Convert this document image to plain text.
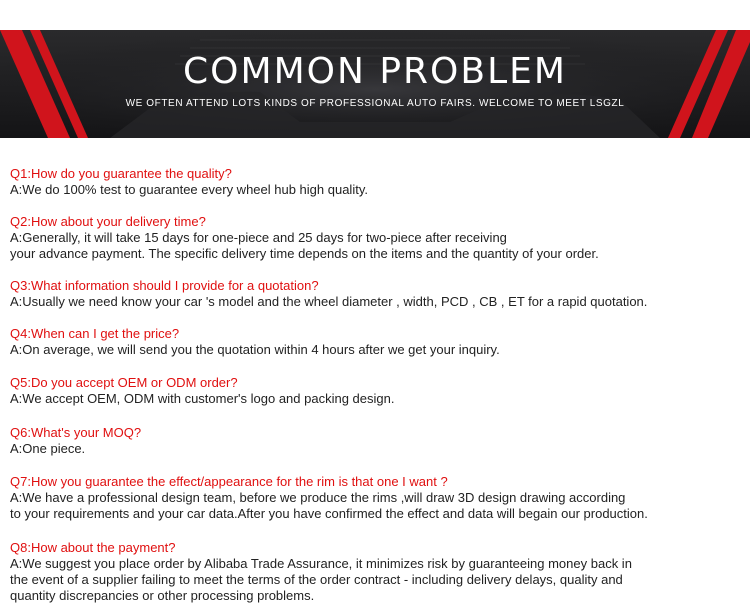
COMMON PROBLEM
WE OFTEN ATTEND LOTS KINDS OF PROFESSIONAL AUTO FAIRS. WELCOME TO MEET LSGZL
Q1:How do you guarantee the quality?
A:We do 100% test to guarantee every wheel hub high quality.
Q2:How about your delivery time?
A:Generally, it will take 15 days for one-piece and 25 days for two-piece after receiving
your advance payment. The specific delivery time depends on the items and the quantity of your order.
Q3:What information should I provide for a quotation?
A:Usually we need know your car 's model and the wheel diameter , width, PCD , CB , ET for a rapid quotation.
Q4:When can I get the price?
A:On average, we will send you the quotation within 4 hours after we get your inquiry.
Q5:Do you accept OEM or ODM order?
A:We accept OEM, ODM with customer's logo and packing design.
Q6:What's your MOQ?
A:One piece.
Q7:How you guarantee the effect/appearance for the rim is that one I want ?
A:We have a professional design team, before we produce the rims ,will draw 3D design drawing according
to your requirements and your car data.After you have confirmed the effect and data will begain our production.
Q8:How about the payment?
A:We suggest you place order by Alibaba Trade Assurance, it minimizes risk by guaranteeing money back in
the event of a supplier failing to meet the terms of the order contract - including delivery delays, quality and
quantity discrepancies or other processing problems.
